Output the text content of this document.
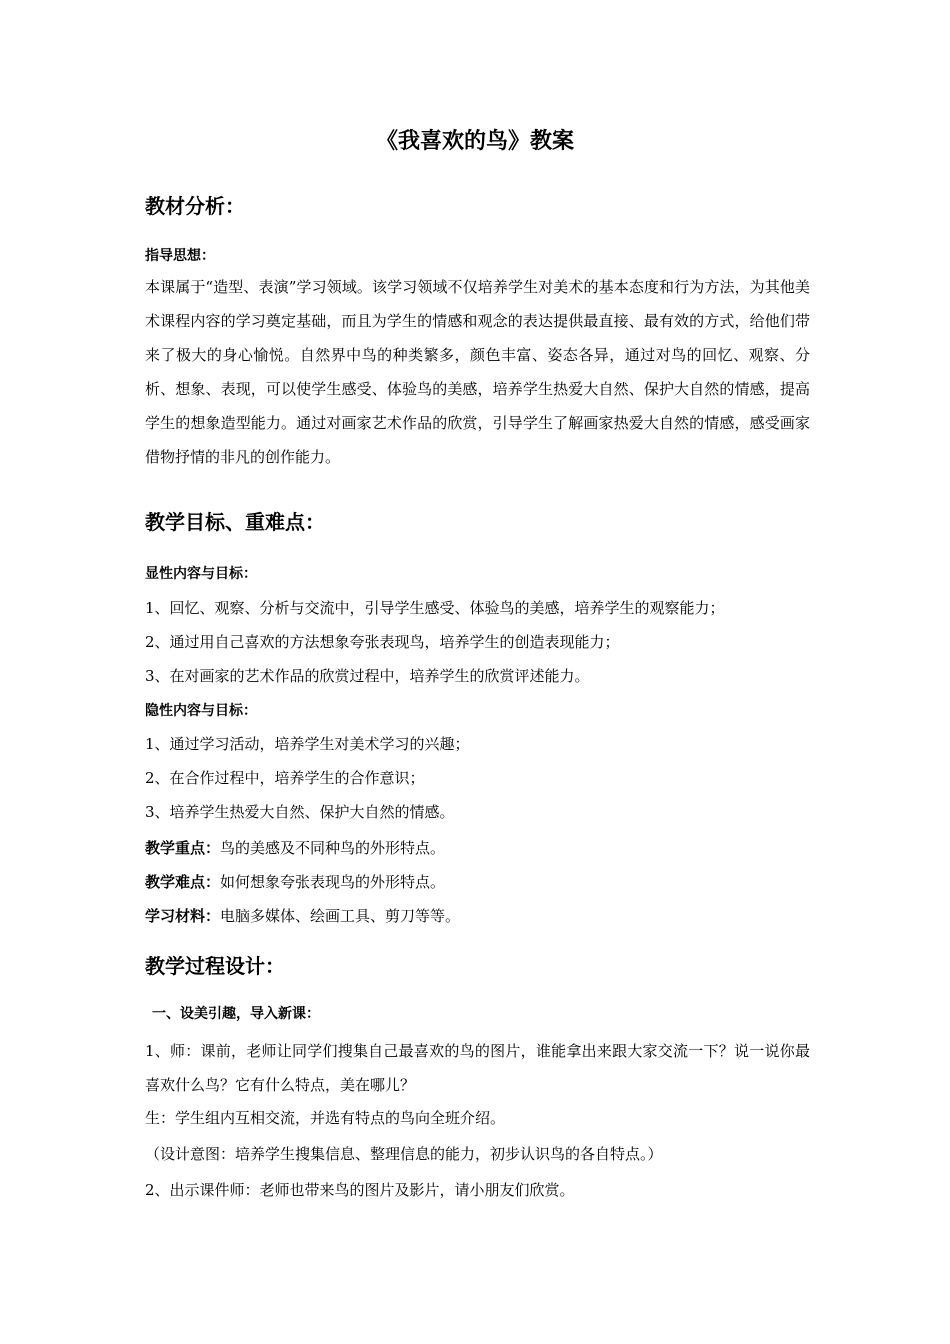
《我喜欢的鸟》教案
教材分析：
指导思想：

本课属于“造型、表演”学习领域。该学习领域不仅培养学生对美术的基本态度和行为方法，为其他美术课程内容的学习奠定基础，而且为学生的情感和观念的表达提供最直接、最有效的方式，给他们带来了极大的身心愉悦。自然界中鸟的种类繁多，颜色丰富、姿态各异，通过对鸟的回忆、观察、分析、想象、表现，可以使学生感受、体验鸟的美感，培养学生热爱大自然、保护大自然的情感，提高学生的想象造型能力。通过对画家艺术作品的欣赏，引导学生了解画家热爱大自然的情感，感受画家借物抒情的非凡的创作能力。

教学目标、重难点：
显性内容与目标：
1、回忆、观察、分析与交流中，引导学生感受、体验鸟的美感，培养学生的观察能力；
2、通过用自己喜欢的方法想象夸张表现鸟，培养学生的创造表现能力；
3、在对画家的艺术作品的欣赏过程中，培养学生的欣赏评述能力。
隐性内容与目标：
1、通过学习活动，培养学生对美术学习的兴趣；
2、在合作过程中，培养学生的合作意识；
3、培养学生热爱大自然、保护大自然的情感。
教学重点：鸟的美感及不同种鸟的外形特点。
教学难点：如何想象夸张表现鸟的外形特点。
学习材料：电脑多媒体、绘画工具、剪刀等等。
教学过程设计：
一、设美引趣，导入新课：

1、师：课前，老师让同学们搜集自己最喜欢的鸟的图片，谁能拿出来跟大家交流一下？说一说你最喜欢什么鸟？它有什么特点，美在哪儿？

生：学生组内互相交流，并选有特点的鸟向全班介绍。
（设计意图：培养学生搜集信息、整理信息的能力，初步认识鸟的各自特点。）
2、出示课件师：老师也带来鸟的图片及影片，请小朋友们欣赏。
